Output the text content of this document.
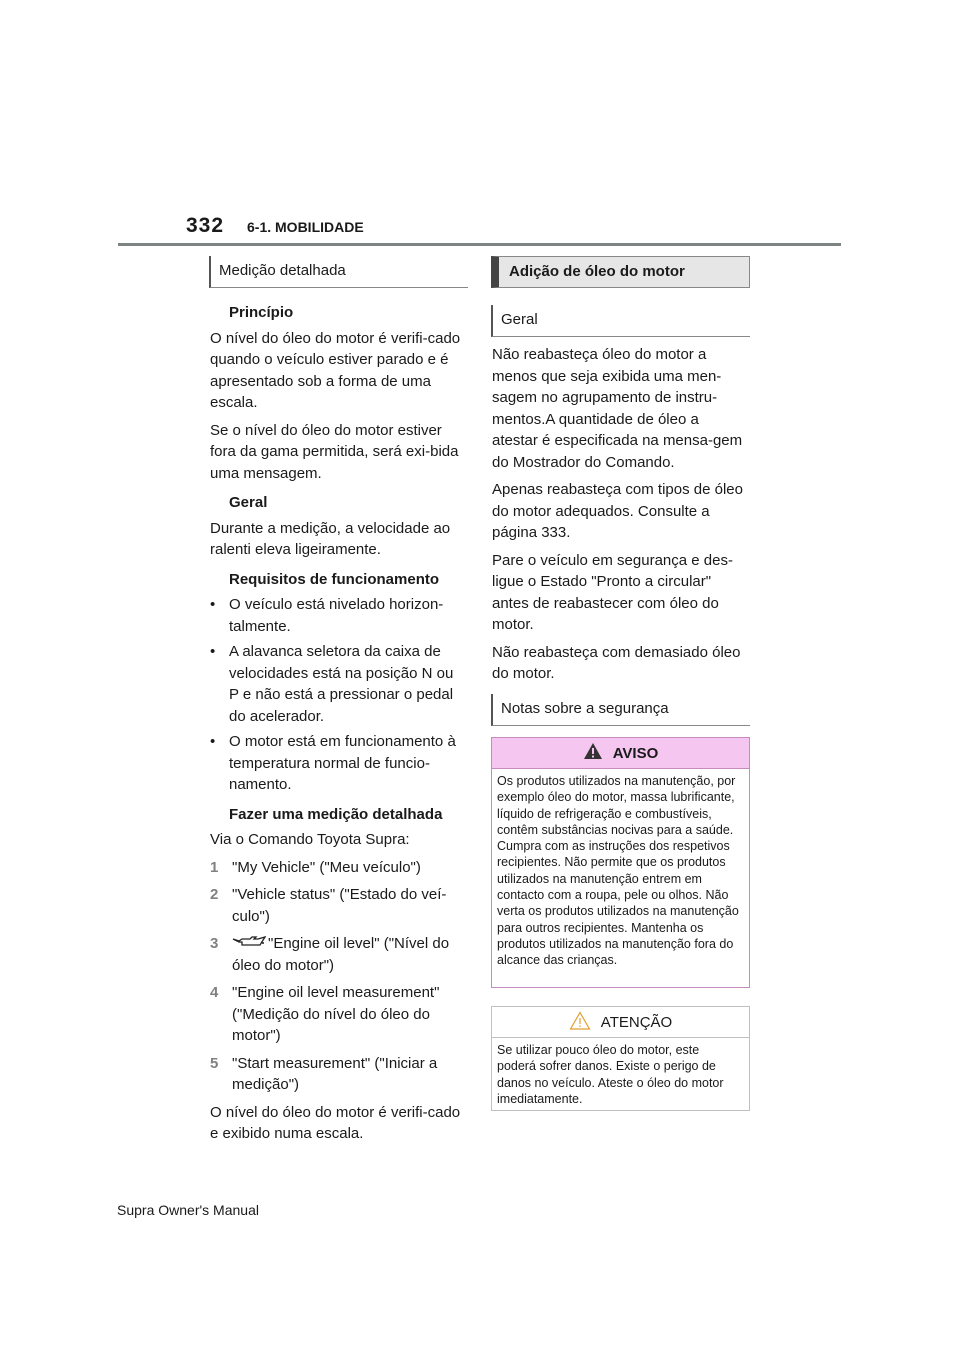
332 6-1. MOBILIDADE
Medição detalhada

Princípio

O nível do óleo do motor é verifi-cado quando o veículo estiver parado e é apresentado sob a forma de uma escala.

Se o nível do óleo do motor estiver fora da gama permitida, será exi-bida uma mensagem.

Geral

Durante a medição, a velocidade ao ralenti eleva ligeiramente.

Requisitos de funcionamento

• O veículo está nivelado horizon-talmente.

• A alavanca seletora da caixa de velocidades está na posição N ou P e não está a pressionar o pedal do acelerador.

• O motor está em funcionamento à temperatura normal de funcio-namento.

Fazer uma medição detalhada

Via o Comando Toyota Supra:

1 "My Vehicle" ("Meu veículo")

2 "Vehicle status" ("Estado do veí-culo")

3	"Engine oil level" ("Nível do óleo do motor")

4 "Engine oil level measurement" ("Medição do nível do óleo do motor")

5 "Start measurement" ("Iniciar a medição")

O nível do óleo do motor é verifi-cado e exibido numa escala.

Adição de óleo do motor
Geral

Não reabasteça óleo do motor a menos que seja exibida uma men-sagem no agrupamento de instru-mentos.A quantidade de óleo a atestar é especificada na mensa-gem do Mostrador do Comando.

Apenas reabasteça com tipos de óleo do motor adequados. Consulte a página 333.

Pare o veículo em segurança e des-ligue o Estado "Pronto a circular" antes de reabastecer com óleo do motor.

Não reabasteça com demasiado óleo do motor.

Notas sobre a segurança
AVISO
Os produtos utilizados na manutenção, por exemplo óleo do motor, massa lubrificante, líquido de refrigeração e combustíveis, contêm substâncias nocivas para a saúde. Cumpra com as instruções dos respetivos recipientes. Não permite que os produtos utilizados na manutenção entrem em contacto com a roupa, pele ou olhos. Não verta os produtos utilizados na manutenção para outros recipientes. Mantenha os produtos utilizados na manutenção fora do alcance das crianças.
ATENÇÃO
Se utilizar pouco óleo do motor, este poderá sofrer danos. Existe o perigo de danos no veículo. Ateste o óleo do motor imediatamente.
Supra Owner's Manual
